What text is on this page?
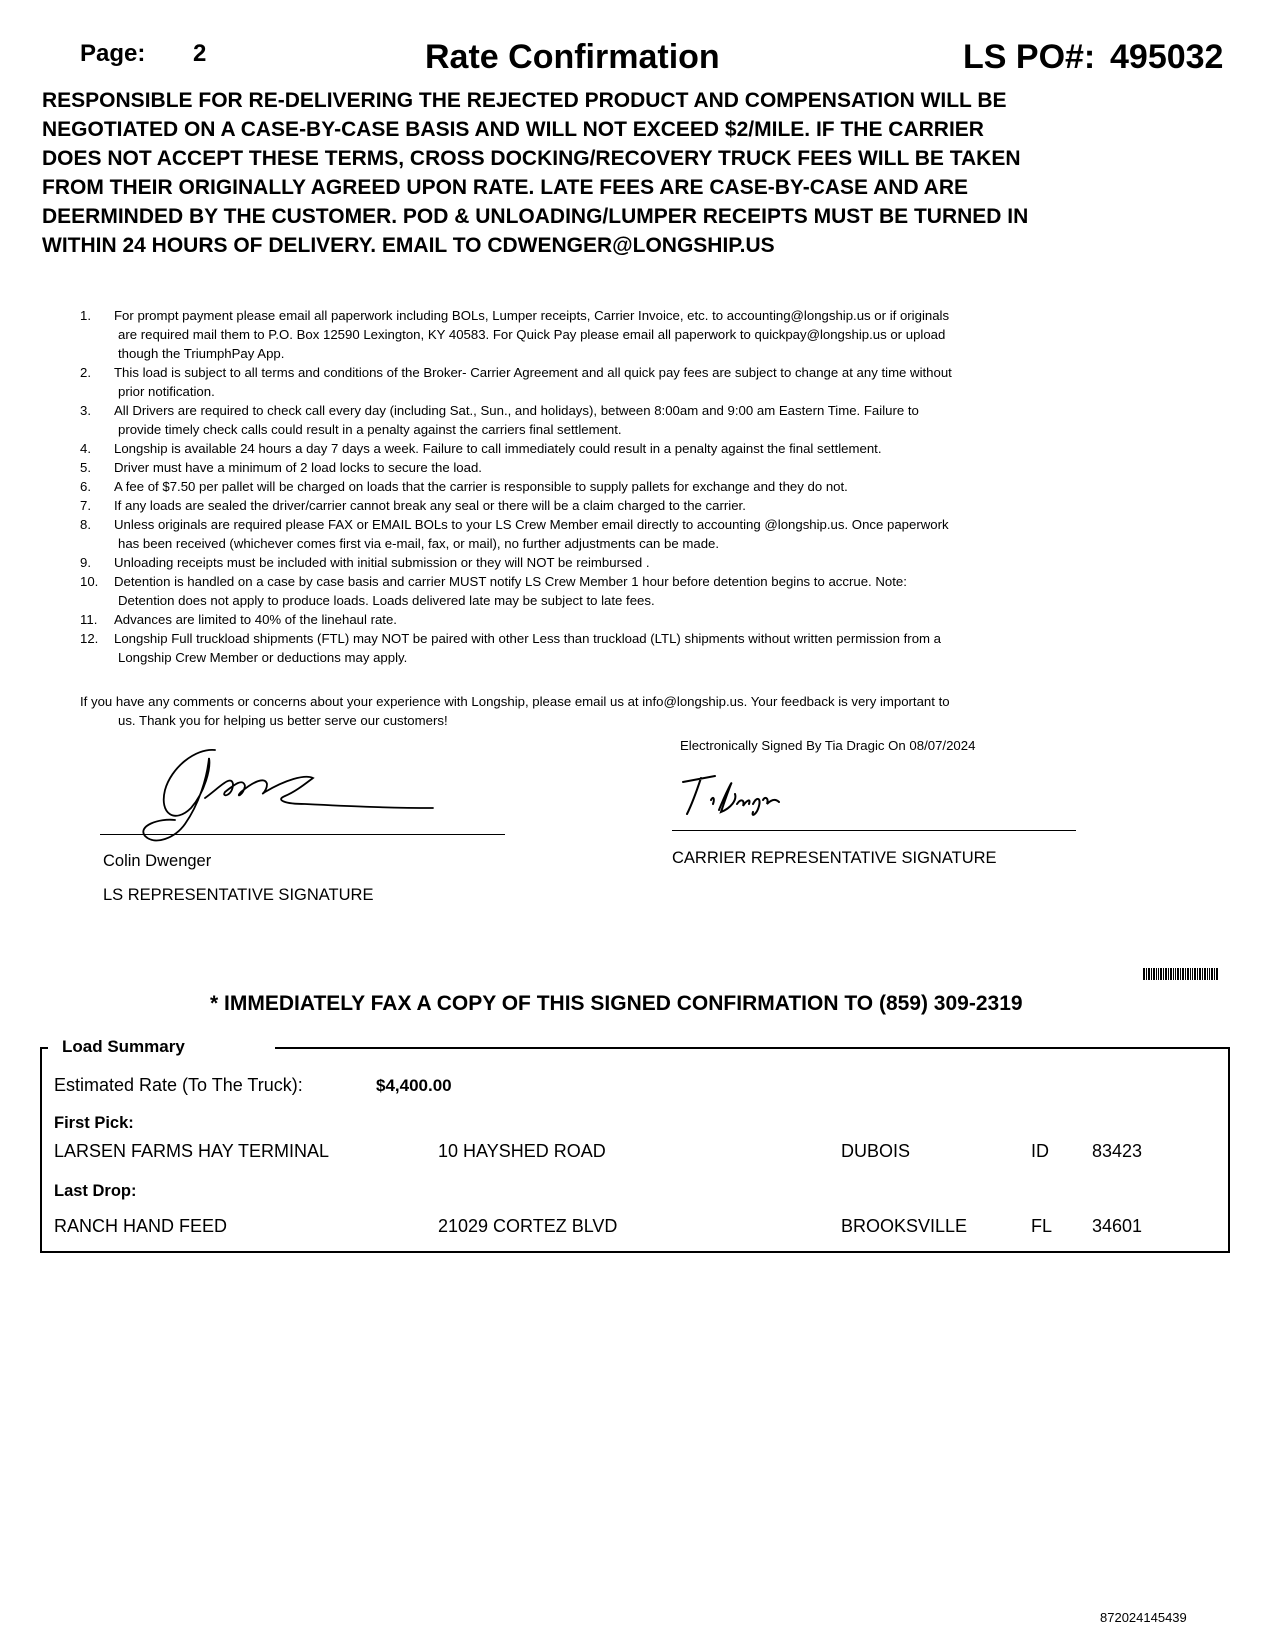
Page: 2	Rate Confirmation	LS PO#: 495032
RESPONSIBLE FOR RE-DELIVERING THE REJECTED PRODUCT AND COMPENSATION WILL BE
NEGOTIATED ON A CASE-BY-CASE BASIS AND WILL NOT EXCEED $2/MILE. IF THE CARRIER
DOES NOT ACCEPT THESE TERMS, CROSS DOCKING/RECOVERY TRUCK FEES WILL BE TAKEN
FROM THEIR ORIGINALLY AGREED UPON RATE. LATE FEES ARE CASE-BY-CASE AND ARE
DEERMINDED BY THE CUSTOMER. POD & UNLOADING/LUMPER RECEIPTS MUST BE TURNED IN
WITHIN 24 HOURS OF DELIVERY. EMAIL TO CDWENGER@LONGSHIP.US
1.	For prompt payment please email all paperwork including BOLs, Lumper receipts, Carrier Invoice, etc. to accounting@longship.us or if originals
are required mail them to P.O. Box 12590 Lexington, KY 40583. For Quick Pay please email all paperwork to quickpay@longship.us or upload
though the TriumphPay App.
2.	This load is subject to all terms and conditions of the Broker- Carrier Agreement and all quick pay fees are subject to change at any time without
prior notification.
3.	All Drivers are required to check call every day (including Sat., Sun., and holidays), between 8:00am and 9:00 am Eastern Time. Failure to
provide timely check calls could result in a penalty against the carriers final settlement.
4.	Longship is available 24 hours a day 7 days a week. Failure to call immediately could result in a penalty against the final settlement.
5.	Driver must have a minimum of 2 load locks to secure the load.
6.	A fee of $7.50 per pallet will be charged on loads that the carrier is responsible to supply pallets for exchange and they do not.
7.	If any loads are sealed the driver/carrier cannot break any seal or there will be a claim charged to the carrier.
8.	Unless originals are required please FAX or EMAIL BOLs to your LS Crew Member email directly to accounting @longship.us. Once paperwork
has been received (whichever comes first via e-mail, fax, or mail), no further adjustments can be made.
9.	Unloading receipts must be included with initial submission or they will NOT be reimbursed .
10.	Detention is handled on a case by case basis and carrier MUST notify LS Crew Member 1 hour before detention begins to accrue. Note:
Detention does not apply to produce loads. Loads delivered late may be subject to late fees.
11.	Advances are limited to 40% of the linehaul rate.
12.	Longship Full truckload shipments (FTL) may NOT be paired with other Less than truckload (LTL) shipments without written permission from a
Longship Crew Member or deductions may apply.
If you have any comments or concerns about your experience with Longship, please email us at info@longship.us. Your feedback is very important to
us. Thank you for helping us better serve our customers!
Electronically Signed By Tia Dragic On 08/07/2024
CARRIER REPRESENTATIVE SIGNATURE
Colin Dwenger
LS REPRESENTATIVE SIGNATURE
* IMMEDIATELY FAX A COPY OF THIS SIGNED CONFIRMATION TO (859) 309-2319
Load Summary
Estimated Rate (To The Truck):	$4,400.00
First Pick:
LARSEN FARMS HAY TERMINAL	10 HAYSHED ROAD	DUBOIS	ID 83423
Last Drop:
RANCH HAND FEED	21029 CORTEZ BLVD	BROOKSVILLE	FL 34601
872024145439
